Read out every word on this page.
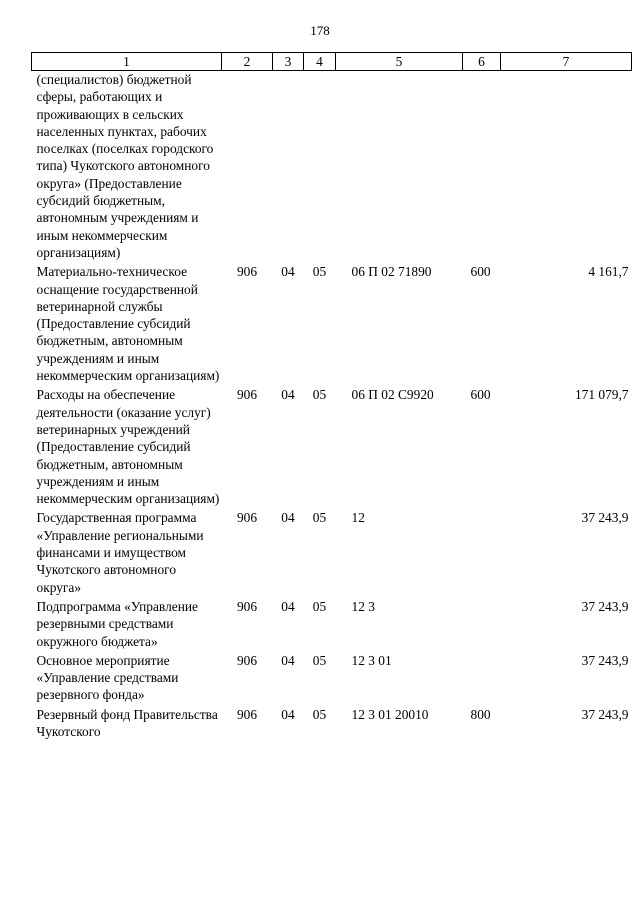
178
1	2	3	4	5	6	7
(специалистов) бюджетной сферы, работающих и проживающих в сельских населенных пунктах, рабочих поселках (поселках городского типа) Чукотского автономного округа» (Предоставление субсидий бюджетным, автономным учреждениям и иным некоммерческим организациям)						
Материально-техническое оснащение государственной ветеринарной службы (Предоставление субсидий бюджетным, автономным учреждениям и иным некоммерческим организациям)	906	04	05	06 П 02 71890	600	4 161,7
Расходы на обеспечение деятельности (оказание услуг) ветеринарных учреждений (Предоставление субсидий бюджетным, автономным учреждениям и иным некоммерческим организациям)	906	04	05	06 П 02 С9920	600	171 079,7
Государственная программа «Управление региональными финансами и имуществом Чукотского автономного округа»	906	04	05	12		37 243,9
Подпрограмма «Управление резервными средствами окружного бюджета»	906	04	05	12 3		37 243,9
Основное мероприятие «Управление средствами резервного фонда»	906	04	05	12 3 01		37 243,9
Резервный фонд Правительства Чукотского	906	04	05	12 3 01 20010	800	37 243,9
